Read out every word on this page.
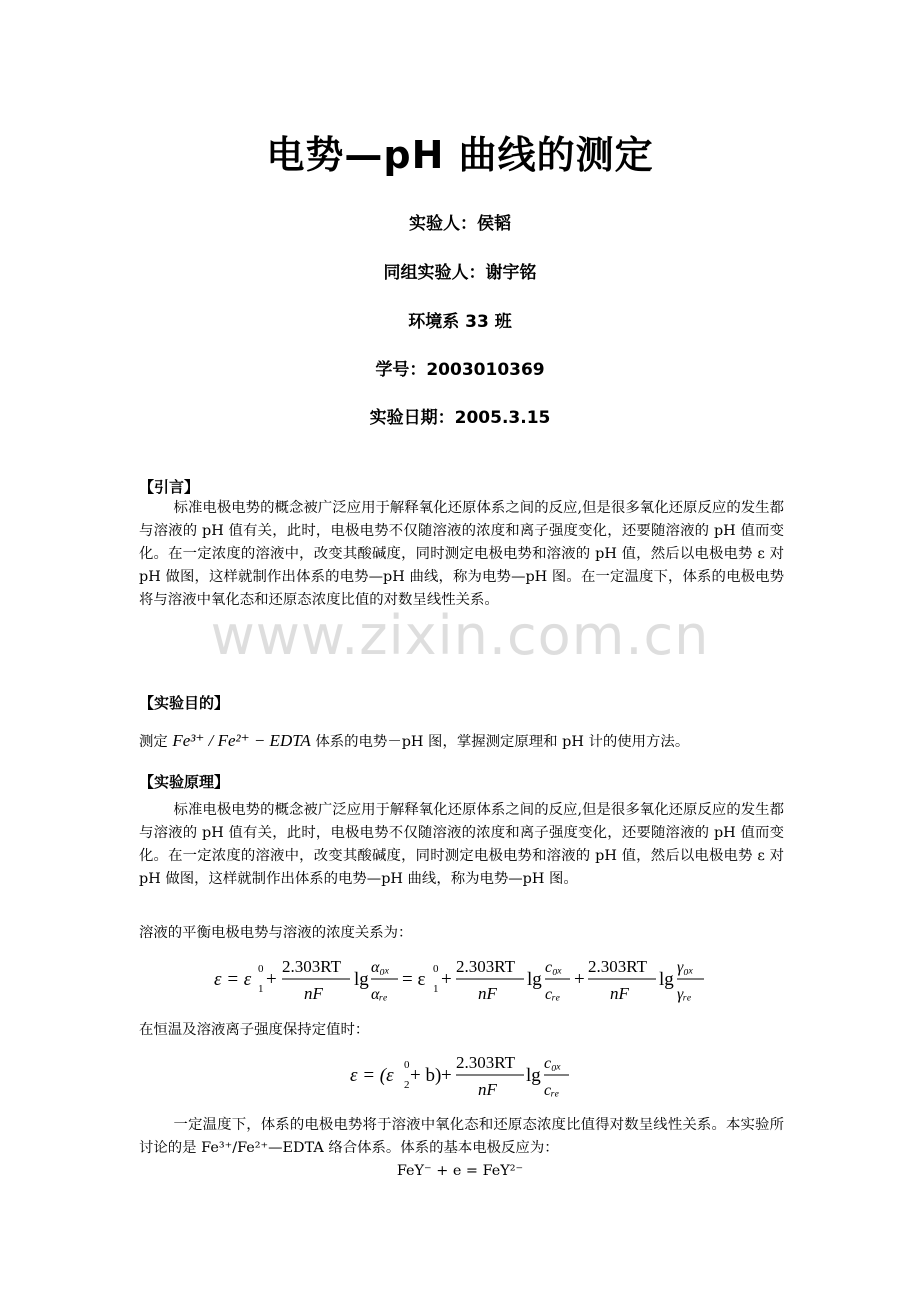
电势—pH 曲线的测定
实验人：侯韬
同组实验人：谢宇铭
环境系 33 班
学号：2003010369
实验日期：2005.3.15
【引言】
标准电极电势的概念被广泛应用于解释氧化还原体系之间的反应,但是很多氧化还原反应的发生都与溶液的 pH 值有关，此时，电极电势不仅随溶液的浓度和离子强度变化，还要随溶液的 pH 值而变化。在一定浓度的溶液中，改变其酸碱度，同时测定电极电势和溶液的 pH 值，然后以电极电势 ε 对 pH 做图，这样就制作出体系的电势—pH 曲线，称为电势—pH 图。在一定温度下，体系的电极电势将与溶液中氧化态和还原态浓度比值的对数呈线性关系。
www.zixin.com.cn
【实验目的】
测定 Fe³⁺ / Fe²⁺ − EDTA 体系的电势－pH 图，掌握测定原理和 pH 计的使用方法。
【实验原理】
标准电极电势的概念被广泛应用于解释氧化还原体系之间的反应,但是很多氧化还原反应的发生都与溶液的 pH 值有关，此时，电极电势不仅随溶液的浓度和离子强度变化，还要随溶液的 pH 值而变化。在一定浓度的溶液中，改变其酸碱度，同时测定电极电势和溶液的 pH 值，然后以电极电势 ε 对 pH 做图，这样就制作出体系的电势—pH 曲线，称为电势—pH 图。
溶液的平衡电极电势与溶液的浓度关系为：
ε = ε 0
1 +
2.303RT
nF
lg
α₀ₓ
αᵣₑ
= ε 0
1 +
2.303RT
nF
lg
c₀ₓ
cᵣₑ
+
2.303RT
nF
lg
γ₀ₓ
γᵣₑ
在恒温及溶液离子强度保持定值时：
ε = (ε 0
2 + b) +
2.303RT
nF
lg
c₀ₓ
cᵣₑ
一定温度下，体系的电极电势将于溶液中氧化态和还原态浓度比值得对数呈线性关系。本实验所讨论的是 Fe³⁺/Fe²⁺—EDTA 络合体系。体系的基本电极反应为：
FeY⁻ + e = FeY²⁻
